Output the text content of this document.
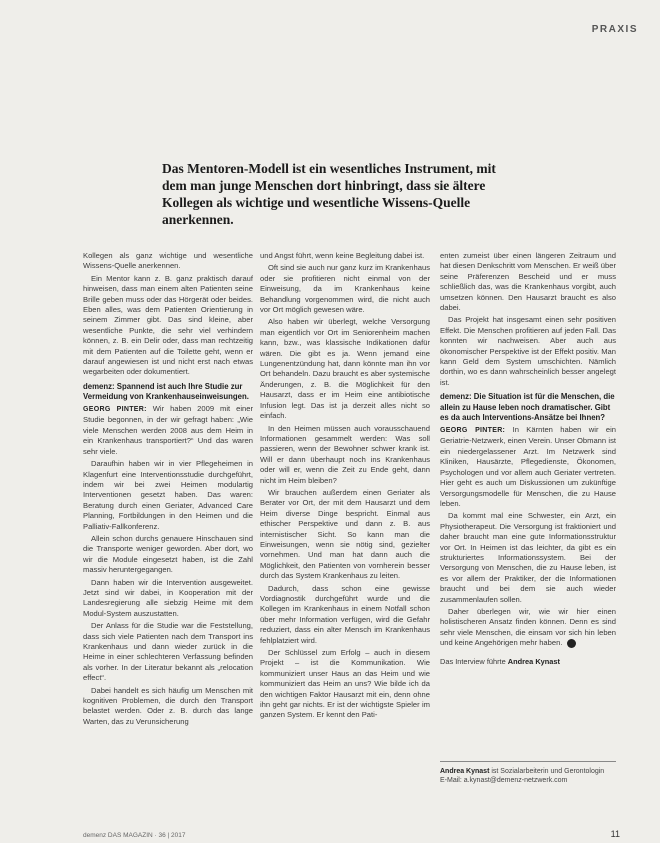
PRAXIS
Das Mentoren-Modell ist ein wesentliches Instrument, mit dem man junge Menschen dort hinbringt, dass sie ältere Kollegen als wichtige und wesentliche Wissens-Quelle anerkennen.

Kollegen als ganz wichtige und wesentliche Wissens-Quelle anerkennen.

Ein Mentor kann z. B. ganz praktisch darauf hinweisen, dass man einem alten Patienten seine Brille geben muss oder das Hörgerät oder beides. Eben alles, was dem Patienten Orientierung in seinem Zimmer gibt. Das sind kleine, aber wesentliche Punkte, die sehr viel verhindern können, z. B. ein Delir oder, dass man rechtzeitig mit dem Patienten auf die Toilette geht, wenn er darauf angewiesen ist und nicht erst nach etwas wegarbeiten oder dokumentiert.

demenz: Spannend ist auch Ihre Studie zur Vermeidung von Krankenhauseinweisungen.

GEORG PINTER: Wir haben 2009 mit einer Studie begonnen, in der wir gefragt haben: „Wie viele Menschen werden 2008 aus dem Heim in ein Krankenhaus transportiert?“ Und das waren sehr viele.

Daraufhin haben wir in vier Pflegeheimen in Klagenfurt eine Interventionsstudie durchgeführt, indem wir bei zwei Heimen modulartig Interventionen gesetzt haben. Das waren: Beratung durch einen Geriater, Advanced Care Planning, Fortbildungen in den Heimen und die Palliativ-Fallkonferenz.

Allein schon durchs genauere Hinschauen sind die Transporte weniger geworden. Aber dort, wo wir die Module eingesetzt haben, ist die Zahl massiv heruntergegangen.

Dann haben wir die Intervention ausgeweitet. Jetzt sind wir dabei, in Kooperation mit der Landesregierung alle siebzig Heime mit dem Modul-System auszustatten.

Der Anlass für die Studie war die Feststellung, dass sich viele Patienten nach dem Transport ins Krankenhaus und dann wieder zurück in die Heime in einer schlechteren Verfassung befinden als vorher. In der Literatur bekannt als „relocation effect“.

Dabei handelt es sich häufig um Menschen mit kognitiven Problemen, die durch den Transport belastet werden. Oder z. B. durch das lange Warten, das zu Verunsicherung

und Angst führt, wenn keine Begleitung dabei ist.

Oft sind sie auch nur ganz kurz im Krankenhaus oder sie profitieren nicht einmal von der Einweisung, da im Krankenhaus keine Behandlung vorgenommen wird, die nicht auch vor Ort möglich gewesen wäre.

Also haben wir überlegt, welche Versorgung man eigentlich vor Ort im Seniorenheim machen kann, bzw., was klassische Indikationen dafür wären. Die gibt es ja. Wenn jemand eine Lungenentzündung hat, dann könnte man ihn vor Ort behandeln. Dazu braucht es aber systemische Änderungen, z. B. die Möglichkeit für den Hausarzt, dass er im Heim eine antibiotische Infusion legt. Das ist ja derzeit alles nicht so einfach.

In den Heimen müssen auch vorausschauend Informationen gesammelt werden: Was soll passieren, wenn der Bewohner schwer krank ist. Will er dann überhaupt noch ins Krankenhaus oder will er, wenn die Zeit zu Ende geht, dann nicht im Heim bleiben?

Wir brauchen außerdem einen Geriater als Berater vor Ort, der mit dem Hausarzt und dem Heim diverse Dinge bespricht. Einmal aus ethischer Perspektive und dann z. B. aus internistischer Sicht. So kann man die Einweisungen, wenn sie nötig sind, gezielter vornehmen. Und man hat dann auch die Möglichkeit, den Patienten von vornherein besser durch das System Krankenhaus zu leiten.

Dadurch, dass schon eine gewisse Vordiagnostik durchgeführt wurde und die Kollegen im Krankenhaus in einem Notfall schon über mehr Information verfügen, wird die Gefahr reduziert, dass ein alter Mensch im Krankenhaus fehlplatziert wird.

Der Schlüssel zum Erfolg – auch in diesem Projekt – ist die Kommunikation. Wie kommuniziert unser Haus an das Heim und wie kommuniziert das Heim an uns? Wie bilde ich da den wichtigen Faktor Hausarzt mit ein, denn ohne ihn geht gar nichts. Er ist der wichtigste Spieler im ganzen System. Er kennt den Pati-

enten zumeist über einen längeren Zeitraum und hat diesen Denkschritt vom Menschen. Er weiß über seine Präferenzen Bescheid und er muss schließlich das, was die Krankenhaus vorgibt, auch umsetzen können. Den Hausarzt braucht es also dabei.

Das Projekt hat insgesamt einen sehr positiven Effekt. Die Menschen profitieren auf jeden Fall. Das konnten wir nachweisen. Aber auch aus ökonomischer Perspektive ist der Effekt positiv. Man kann Geld dem System umschichten. Nämlich dorthin, wo es dann wahrscheinlich besser angelegt ist.

demenz: Die Situation ist für die Menschen, die allein zu Hause leben noch dramatischer. Gibt es da auch Interventions-Ansätze bei Ihnen?

GEORG PINTER: In Kärnten haben wir ein Geriatrie-Netzwerk, einen Verein. Unser Obmann ist ein niedergelassener Arzt. Im Netzwerk sind Kliniken, Hausärzte, Pflegedienste, Ökonomen, Psychologen und vor allem auch Geriater vertreten. Hier geht es auch um Diskussionen um zukünftige Versorgungsmodelle für Menschen, die zu Hause leben.

Da kommt mal eine Schwester, ein Arzt, ein Physiotherapeut. Die Versorgung ist fraktioniert und daher braucht man eine gute Informationsstruktur vor Ort. In Heimen ist das leichter, da gibt es ein strukturiertes Informationssystem. Bei der Versorgung von Menschen, die zu Hause leben, ist es vor allem der Praktiker, der die Informationen braucht und bei dem sie auch wieder zusammenlaufen sollen.

Daher überlegen wir, wie wir hier einen holistischeren Ansatz finden können. Denn es sind sehr viele Menschen, die einsam vor sich hin leben und keine Angehörigen mehr haben.

Das Interview führte Andrea Kynast

Andrea Kynast ist Sozialarbeiterin und Gerontologin
E-Mail: a.kynast@demenz-netzwerk.com
demenz DAS MAGAZIN · 36 | 2017	11
